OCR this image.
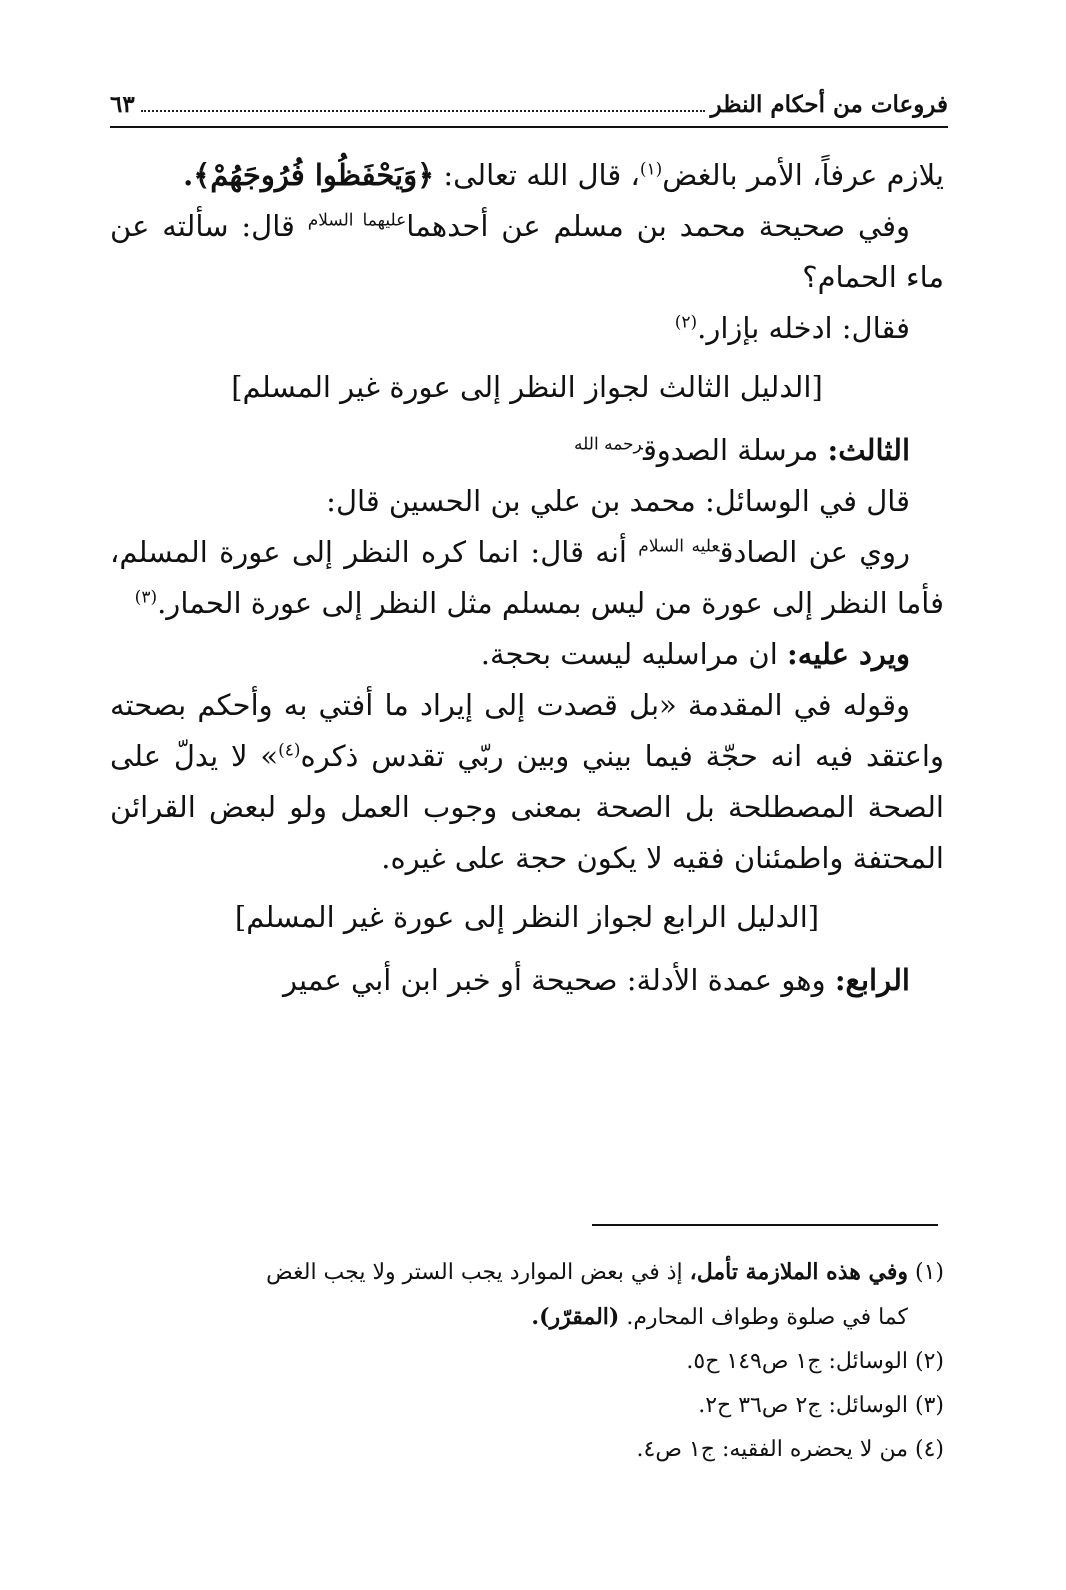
فروعات من أحكام النظر
٦٣

يلازم عرفاً، الأمر بالغض$^{(١)}$، قال الله تعالى: ﴿وَيَحْفَظُوا فُرُوجَهُمْ﴾.

وفي صحيحة محمد بن مسلم عن أحدهما$^{عليهما السلام}$ قال: سألته عن ماء الحمام؟

فقال: ادخله بإزار.$^{(٢)}$

[الدليل الثالث لجواز النظر إلى عورة غير المسلم]

الثالث: مرسلة الصدوق$^{رحمه الله}$

قال في الوسائل: محمد بن علي بن الحسين قال:

روي عن الصادق$^{عليه السلام}$ أنه قال: انما كره النظر إلى عورة المسلم، فأما النظر إلى عورة من ليس بمسلم مثل النظر إلى عورة الحمار.$^{(٣)}$

ويرد عليه: ان مراسليه ليست بحجة.

وقوله في المقدمة «بل قصدت إلى إيراد ما أفتي به وأحكم بصحته واعتقد فيه انه حجّة فيما بيني وبين ربّي تقدس ذكره$^{(٤)}$» لا يدلّ على الصحة المصطلحة بل الصحة بمعنى وجوب العمل ولو لبعض القرائن المحتفة واطمئنان فقيه لا يكون حجة على غيره.

[الدليل الرابع لجواز النظر إلى عورة غير المسلم]

الرابع: وهو عمدة الأدلة: صحيحة أو خبر ابن أبي عمير

(١) وفي هذه الملازمة تأمل، إذ في بعض الموارد يجب الستر ولا يجب الغض

كما في صلوة وطواف المحارم. (المقرّر).

(٢) الوسائل: ج١ ص١٤٩ ح٥.

(٣) الوسائل: ج٢ ص٣٦ ح٢.

(٤) من لا يحضره الفقيه: ج١ ص٤.
